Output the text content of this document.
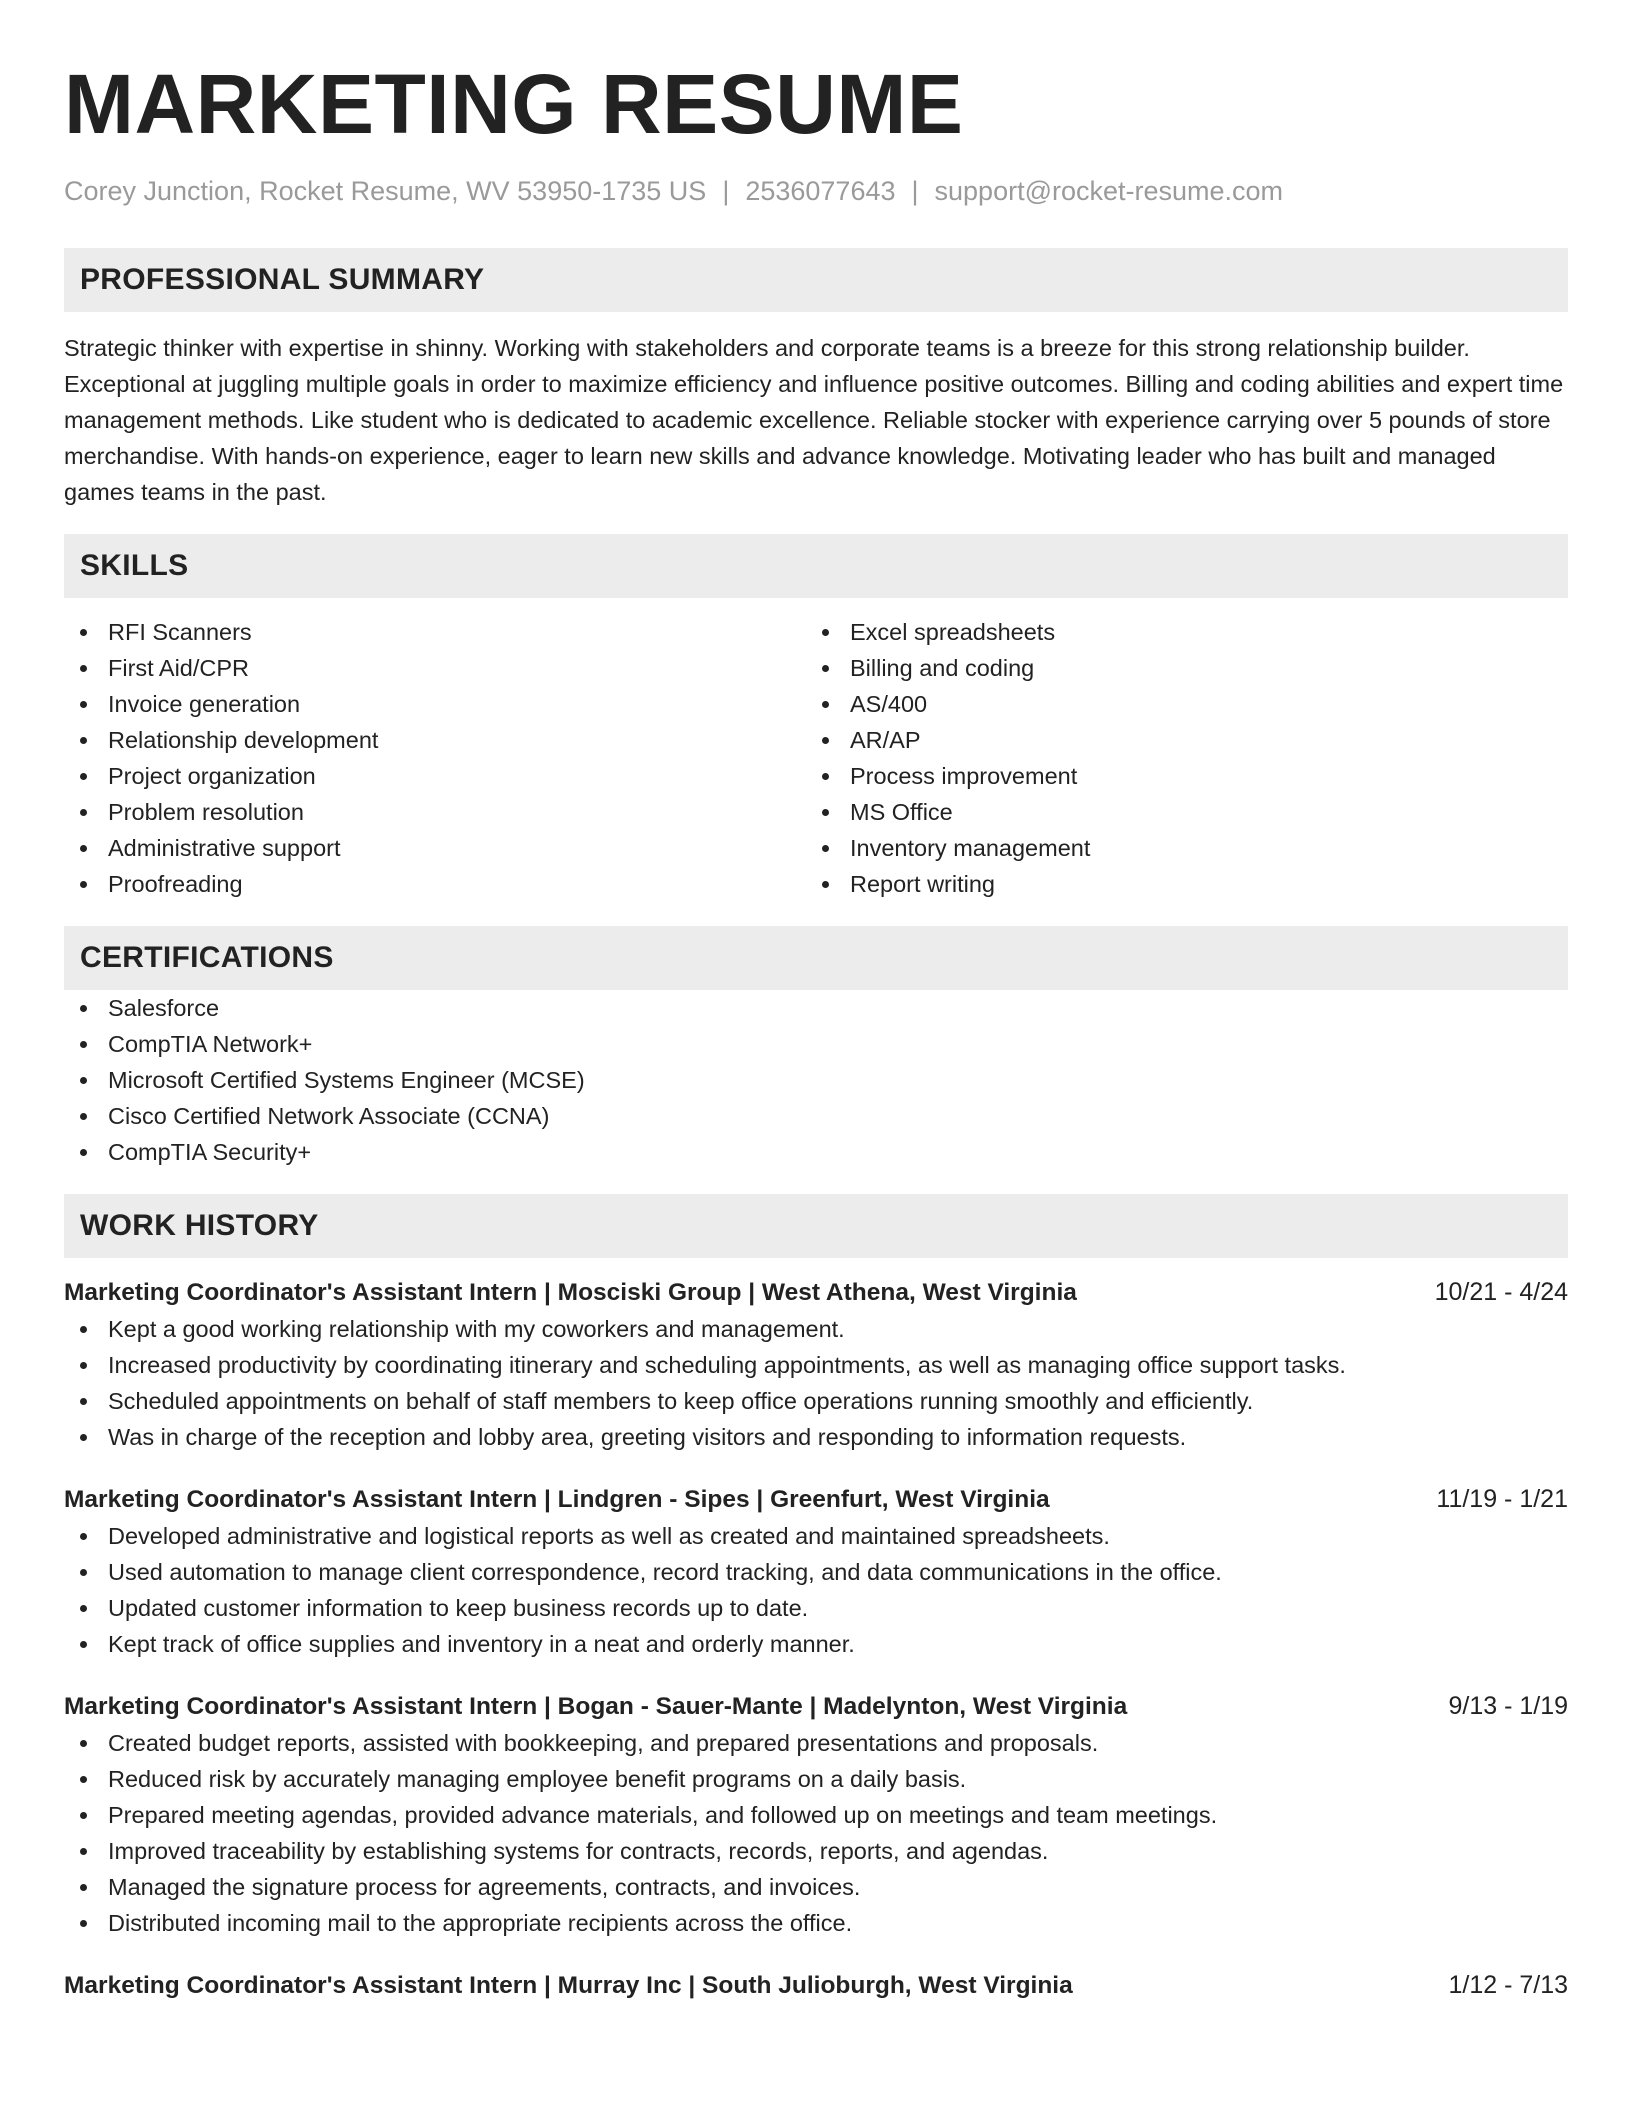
MARKETING RESUME
Corey Junction, Rocket Resume, WV 53950-1735 US | 2536077643 | support@rocket-resume.com
PROFESSIONAL SUMMARY

Strategic thinker with expertise in shinny. Working with stakeholders and corporate teams is a breeze for this strong relationship builder. Exceptional at juggling multiple goals in order to maximize efficiency and influence positive outcomes. Billing and coding abilities and expert time management methods. Like student who is dedicated to academic excellence. Reliable stocker with experience carrying over 5 pounds of store merchandise. With hands-on experience, eager to learn new skills and advance knowledge. Motivating leader who has built and managed games teams in the past.

SKILLS
RFI Scanners
First Aid/CPR
Invoice generation
Relationship development
Project organization
Problem resolution
Administrative support
Proofreading
Excel spreadsheets
Billing and coding
AS/400
AR/AP
Process improvement
MS Office
Inventory management
Report writing
CERTIFICATIONS
Salesforce
CompTIA Network+
Microsoft Certified Systems Engineer (MCSE)
Cisco Certified Network Associate (CCNA)
CompTIA Security+
WORK HISTORY
Marketing Coordinator's Assistant Intern | Mosciski Group | West Athena, West Virginia	10/21 - 4/24
Kept a good working relationship with my coworkers and management.
Increased productivity by coordinating itinerary and scheduling appointments, as well as managing office support tasks.
Scheduled appointments on behalf of staff members to keep office operations running smoothly and efficiently.
Was in charge of the reception and lobby area, greeting visitors and responding to information requests.
Marketing Coordinator's Assistant Intern | Lindgren - Sipes | Greenfurt, West Virginia	11/19 - 1/21
Developed administrative and logistical reports as well as created and maintained spreadsheets.
Used automation to manage client correspondence, record tracking, and data communications in the office.
Updated customer information to keep business records up to date.
Kept track of office supplies and inventory in a neat and orderly manner.
Marketing Coordinator's Assistant Intern | Bogan - Sauer-Mante | Madelynton, West Virginia	9/13 - 1/19
Created budget reports, assisted with bookkeeping, and prepared presentations and proposals.
Reduced risk by accurately managing employee benefit programs on a daily basis.
Prepared meeting agendas, provided advance materials, and followed up on meetings and team meetings.
Improved traceability by establishing systems for contracts, records, reports, and agendas.
Managed the signature process for agreements, contracts, and invoices.
Distributed incoming mail to the appropriate recipients across the office.
Marketing Coordinator's Assistant Intern | Murray Inc | South Julioburgh, West Virginia	1/12 - 7/13
